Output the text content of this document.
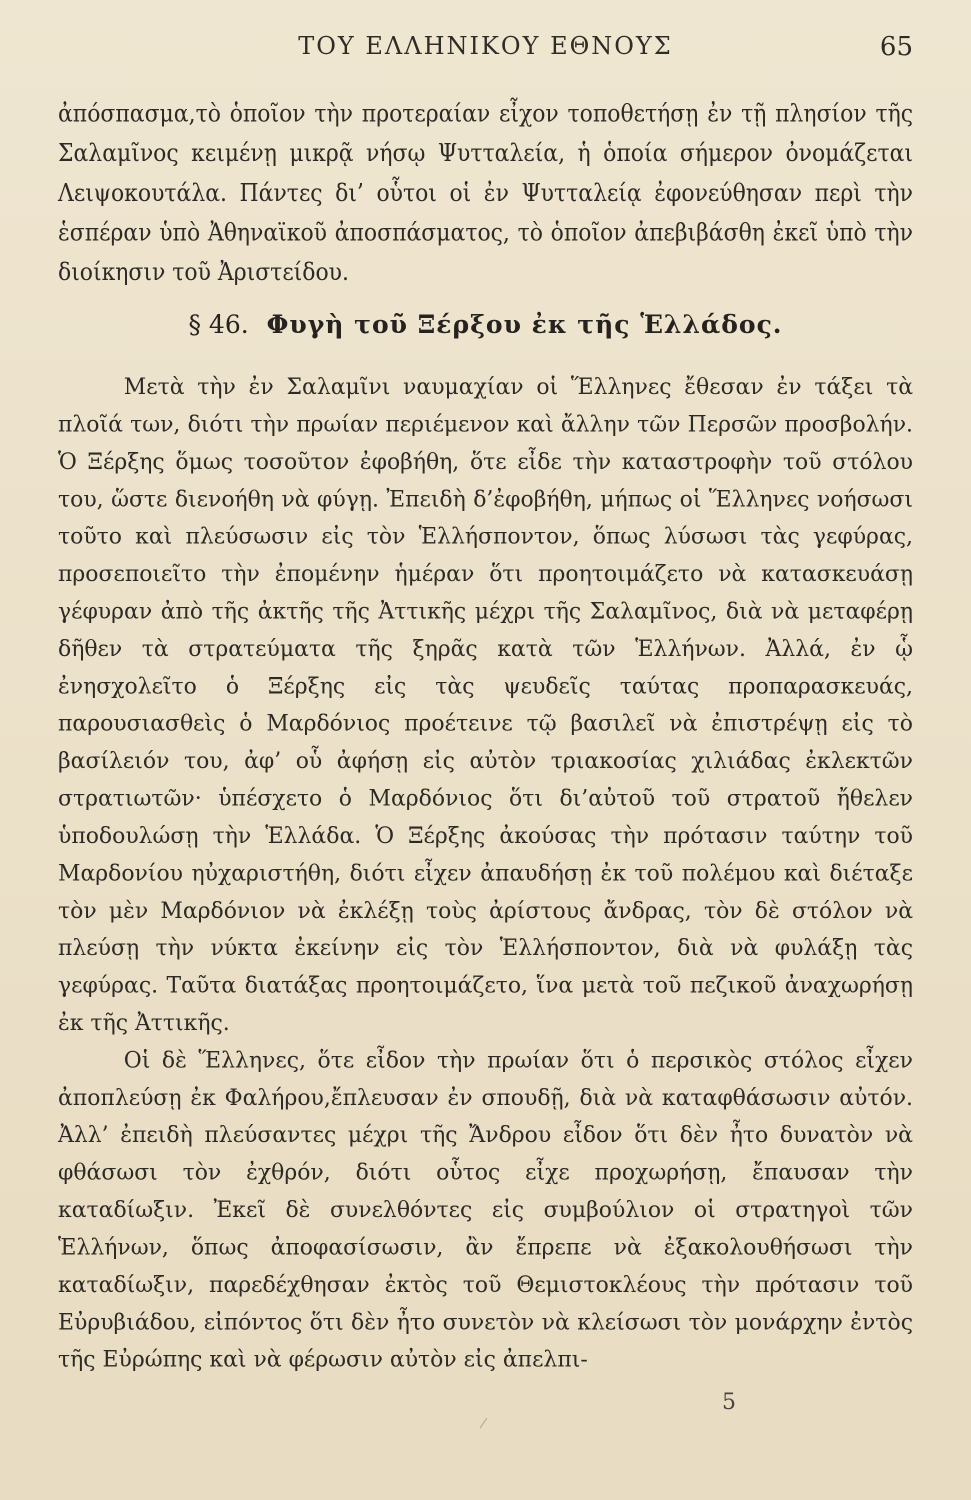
ΤΟΥ ΕΛΛΗΝΙΚΟΥ ΕΘΝΟΥΣ	65

ἀπόσπασμα,τὸ ὁποῖον τὴν προτεραίαν εἶχον τοποθετήσῃ ἐν τῇ πλησίον τῆς Σαλαμῖνος κειμένῃ μικρᾷ νήσῳ Ψυτταλεία, ἡ ὁποία σήμερον ὀνομάζεται Λειψοκουτάλα. Πάντες δι’ οὗτοι οἱ ἐν Ψυτταλείᾳ ἐφονεύθησαν περὶ τὴν ἑσπέραν ὑπὸ Ἀθηναϊκοῦ ἀποσπάσματος, τὸ ὁποῖον ἀπεβιβάσθη ἐκεῖ ὑπὸ τὴν διοίκησιν τοῦ Ἀριστείδου.

§ 46. Φυγὴ τοῦ Ξέρξου ἐκ τῆς Ἑλλάδος.

Μετὰ τὴν ἐν Σαλαμῖνι ναυμαχίαν οἱ Ἕλληνες ἔθεσαν ἐν τάξει τὰ πλοῖά των, διότι τὴν πρωίαν περιέμενον καὶ ἄλλην τῶν Περσῶν προσβολήν. Ὁ Ξέρξης ὅμως τοσοῦτον ἐφοβήθη, ὅτε εἶδε τὴν καταστροφὴν τοῦ στόλου του, ὥστε διενοήθη νὰ φύγῃ. Ἐπειδὴ δ’ἐφοβήθη, μήπως οἱ Ἕλληνες νοήσωσι τοῦτο καὶ πλεύσωσιν εἰς τὸν Ἑλλήσποντον, ὅπως λύσωσι τὰς γεφύρας, προσεποιεῖτο τὴν ἐπομένην ἡμέραν ὅτι προητοιμάζετο νὰ κατασκευάσῃ γέφυραν ἀπὸ τῆς ἀκτῆς τῆς Ἀττικῆς μέχρι τῆς Σαλαμῖνος, διὰ νὰ μεταφέρῃ δῆθεν τὰ στρατεύματα τῆς ξηρᾶς κατὰ τῶν Ἑλλήνων. Ἀλλά, ἐν ᾧ ἐνησχολεῖτο ὁ Ξέρξης εἰς τὰς ψευδεῖς ταύτας προπαρασκευάς, παρουσιασθεὶς ὁ Μαρδόνιος προέτεινε τῷ βασιλεῖ νὰ ἐπιστρέψῃ εἰς τὸ βασίλειόν του, ἀφ’ οὗ ἀφήσῃ εἰς αὐτὸν τριακοσίας χιλιάδας ἐκλεκτῶν στρατιωτῶν· ὑπέσχετο ὁ Μαρδόνιος ὅτι δι’αὐτοῦ τοῦ στρατοῦ ἤθελεν ὑποδουλώσῃ τὴν Ἑλλάδα. Ὁ Ξέρξης ἀκούσας τὴν πρότασιν ταύτην τοῦ Μαρδονίου ηὐχαριστήθη, διότι εἶχεν ἀπαυδήσῃ ἐκ τοῦ πολέμου καὶ διέταξε τὸν μὲν Μαρδόνιον νὰ ἐκλέξῃ τοὺς ἀρίστους ἄνδρας, τὸν δὲ στόλον νὰ πλεύσῃ τὴν νύκτα ἐκείνην εἰς τὸν Ἑλλήσποντον, διὰ νὰ φυλάξῃ τὰς γεφύρας. Ταῦτα διατάξας προητοιμάζετο, ἵνα μετὰ τοῦ πεζικοῦ ἀναχωρήσῃ ἐκ τῆς Ἀττικῆς.

Οἱ δὲ Ἕλληνες, ὅτε εἶδον τὴν πρωίαν ὅτι ὁ περσικὸς στόλος εἶχεν ἀποπλεύσῃ ἐκ Φαλήρου,ἔπλευσαν ἐν σπουδῇ, διὰ νὰ καταφθάσωσιν αὐτόν. Ἀλλ’ ἐπειδὴ πλεύσαντες μέχρι τῆς Ἄνδρου εἶδον ὅτι δὲν ἦτο δυνατὸν νὰ φθάσωσι τὸν ἐχθρόν, διότι οὗτος εἶχε προχωρήσῃ, ἔπαυσαν τὴν καταδίωξιν. Ἐκεῖ δὲ συνελθόντες εἰς συμβούλιον οἱ στρατηγοὶ τῶν Ἑλλήνων, ὅπως ἀποφασίσωσιν, ἂν ἔπρεπε νὰ ἐξακολουθήσωσι τὴν καταδίωξιν, παρεδέχθησαν ἐκτὸς τοῦ Θεμιστοκλέους τὴν πρότασιν τοῦ Εὐρυβιάδου, εἰπόντος ὅτι δὲν ἦτο συνετὸν νὰ κλείσωσι τὸν μονάρχην ἐντὸς τῆς Εὐρώπης καὶ νὰ φέρωσιν αὐτὸν εἰς ἀπελπι-

5
